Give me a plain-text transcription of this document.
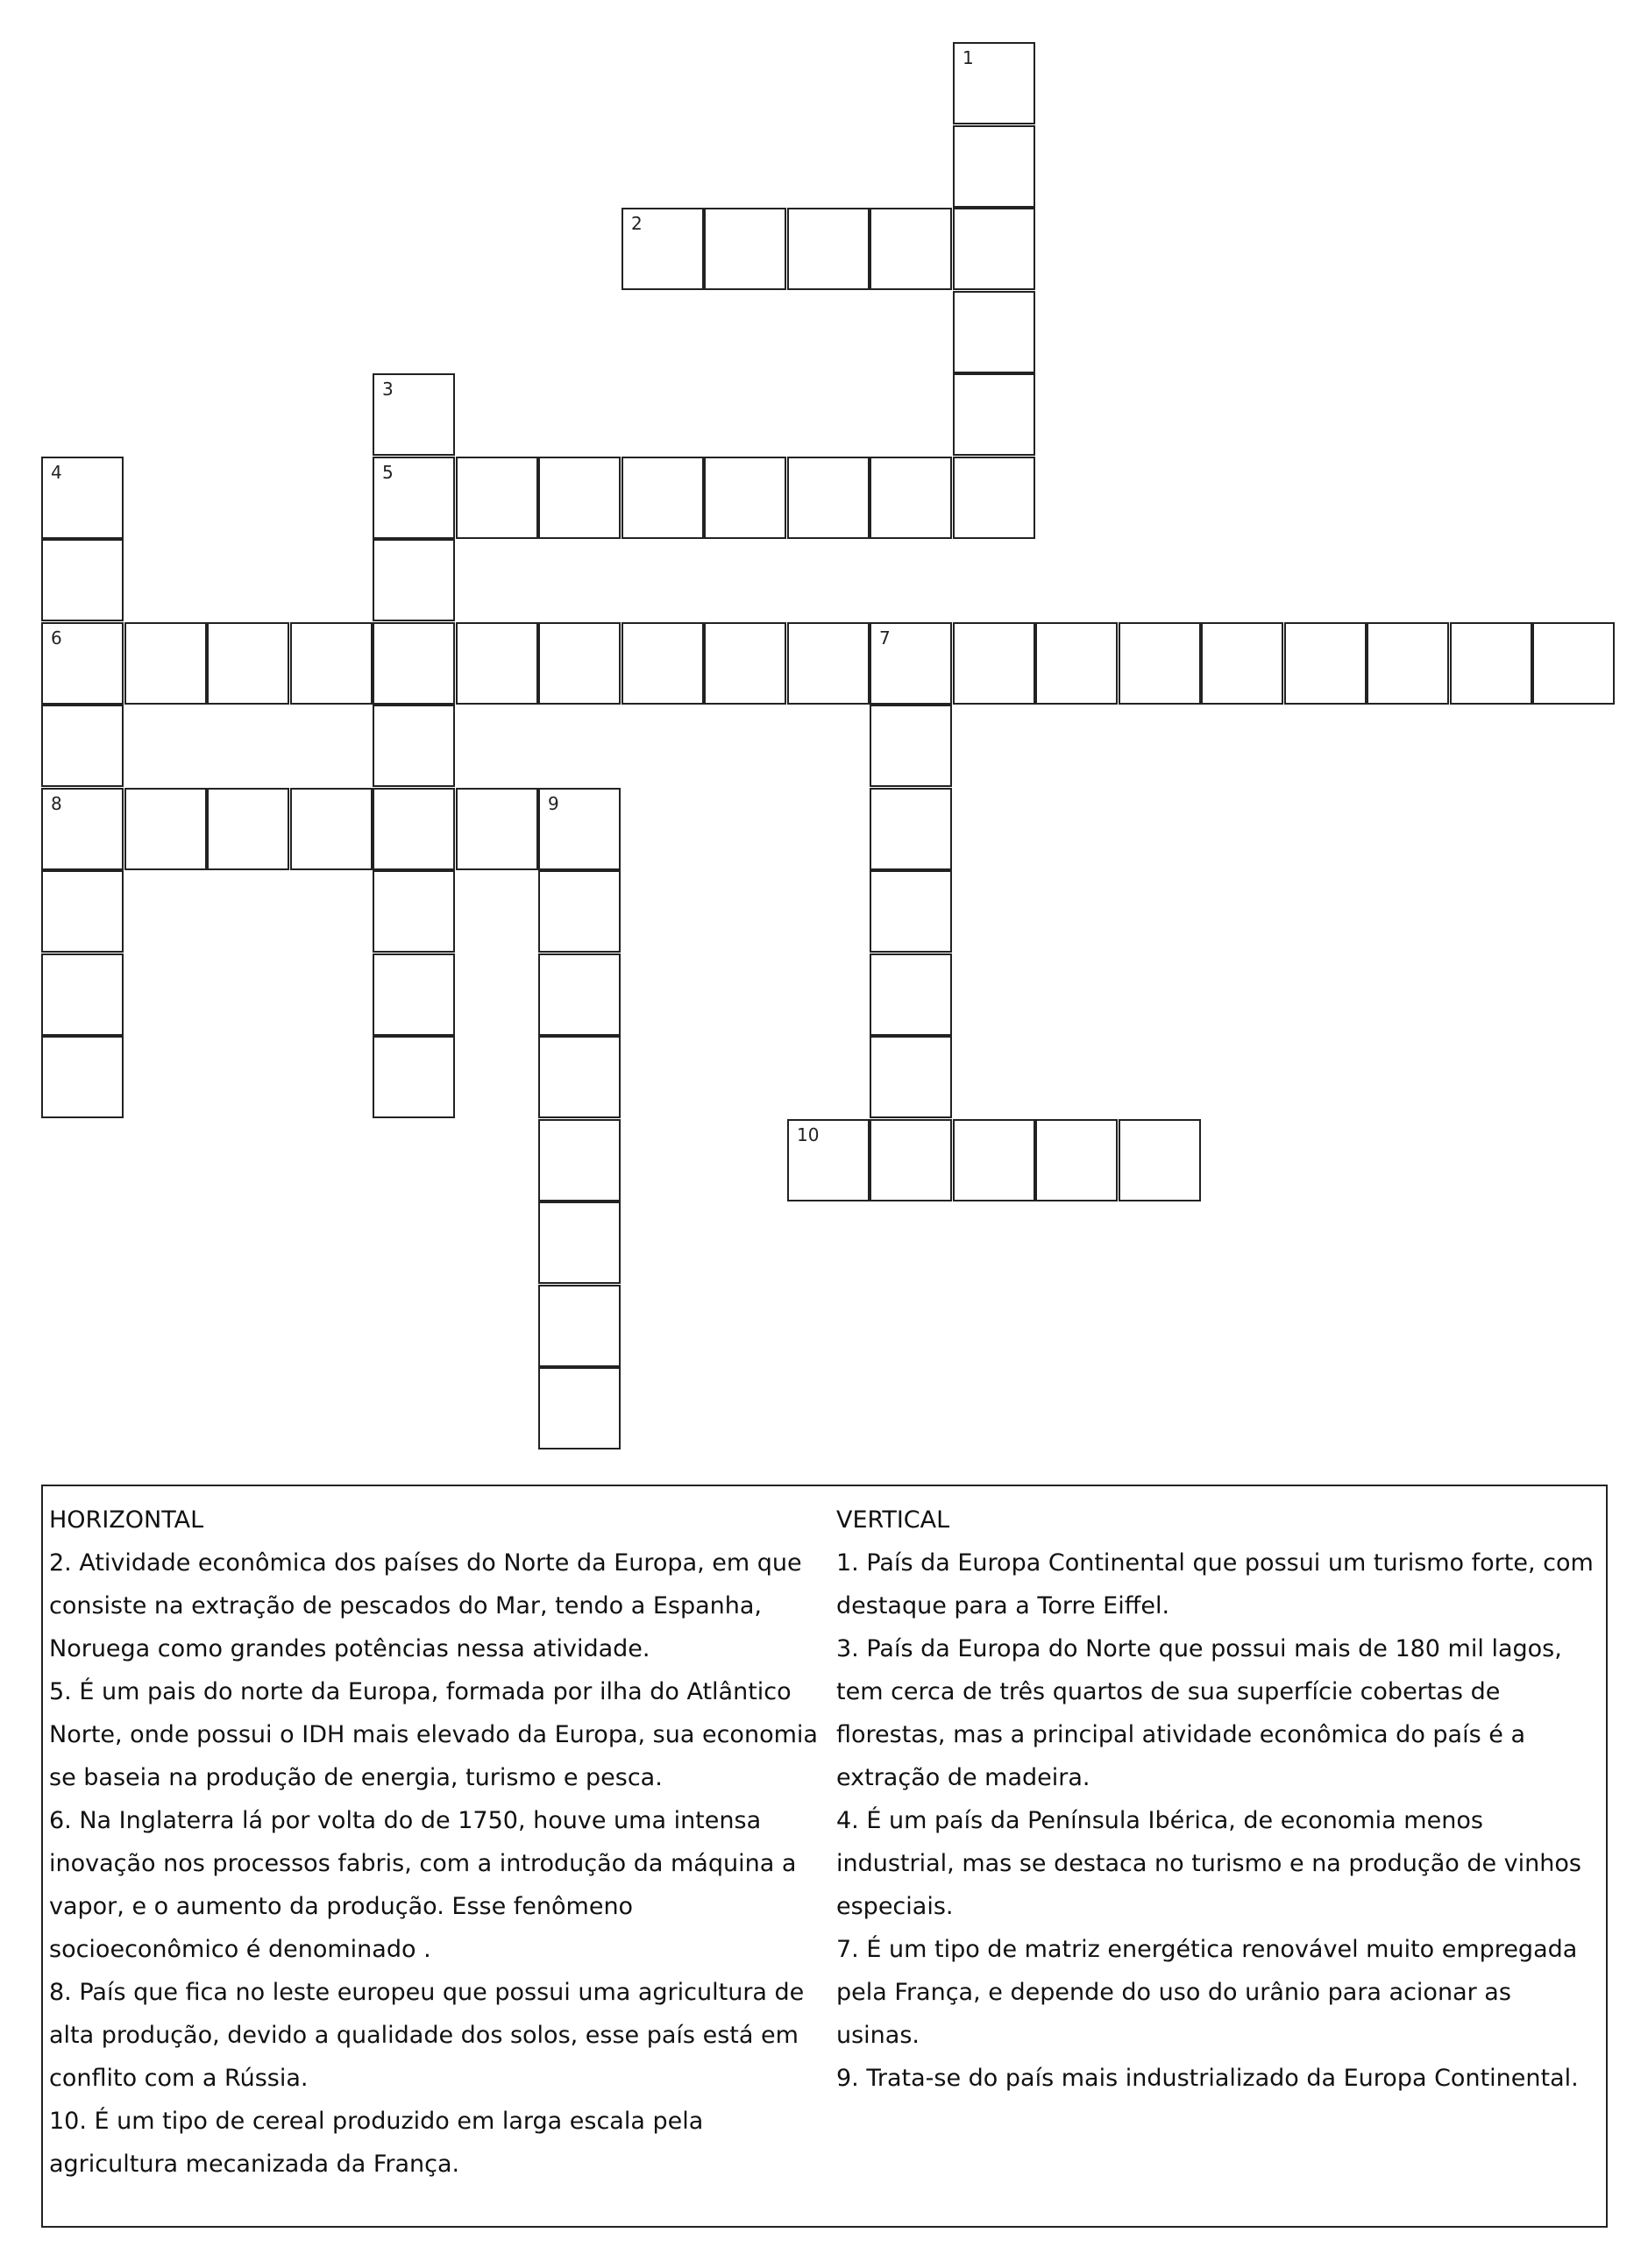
1
2
3
5
4
6
8
7
9
10

HORIZONTAL

2. Atividade econômica dos países do Norte da Europa, em que consiste na extração de pescados do Mar, tendo a Espanha, Noruega como grandes potências nessa atividade.

5. É um pais do norte da Europa, formada por ilha do Atlântico Norte, onde possui o IDH mais elevado da Europa, sua economia se baseia na produção de energia, turismo e pesca.

6. Na Inglaterra lá por volta do de 1750, houve uma intensa inovação nos processos fabris, com a introdução da máquina a vapor, e o aumento da produção. Esse fenômeno socioeconômico é denominado .

8. País que fica no leste europeu que possui uma agricultura de alta produção, devido a qualidade dos solos, esse país está em conflito com a Rússia.

10. É um tipo de cereal produzido em larga escala pela agricultura mecanizada da França.

VERTICAL

1. País da Europa Continental que possui um turismo forte, com destaque para a Torre Eiffel.

3. País da Europa do Norte que possui mais de 180 mil lagos, tem cerca de três quartos de sua superfície cobertas de florestas, mas a principal atividade econômica do país é a extração de madeira.

4. É um país da Península Ibérica, de economia menos industrial, mas se destaca no turismo e na produção de vinhos especiais.

7. É um tipo de matriz energética renovável muito empregada pela França, e depende do uso do urânio para acionar as usinas.

9. Trata-se do país mais industrializado da Europa Continental.
